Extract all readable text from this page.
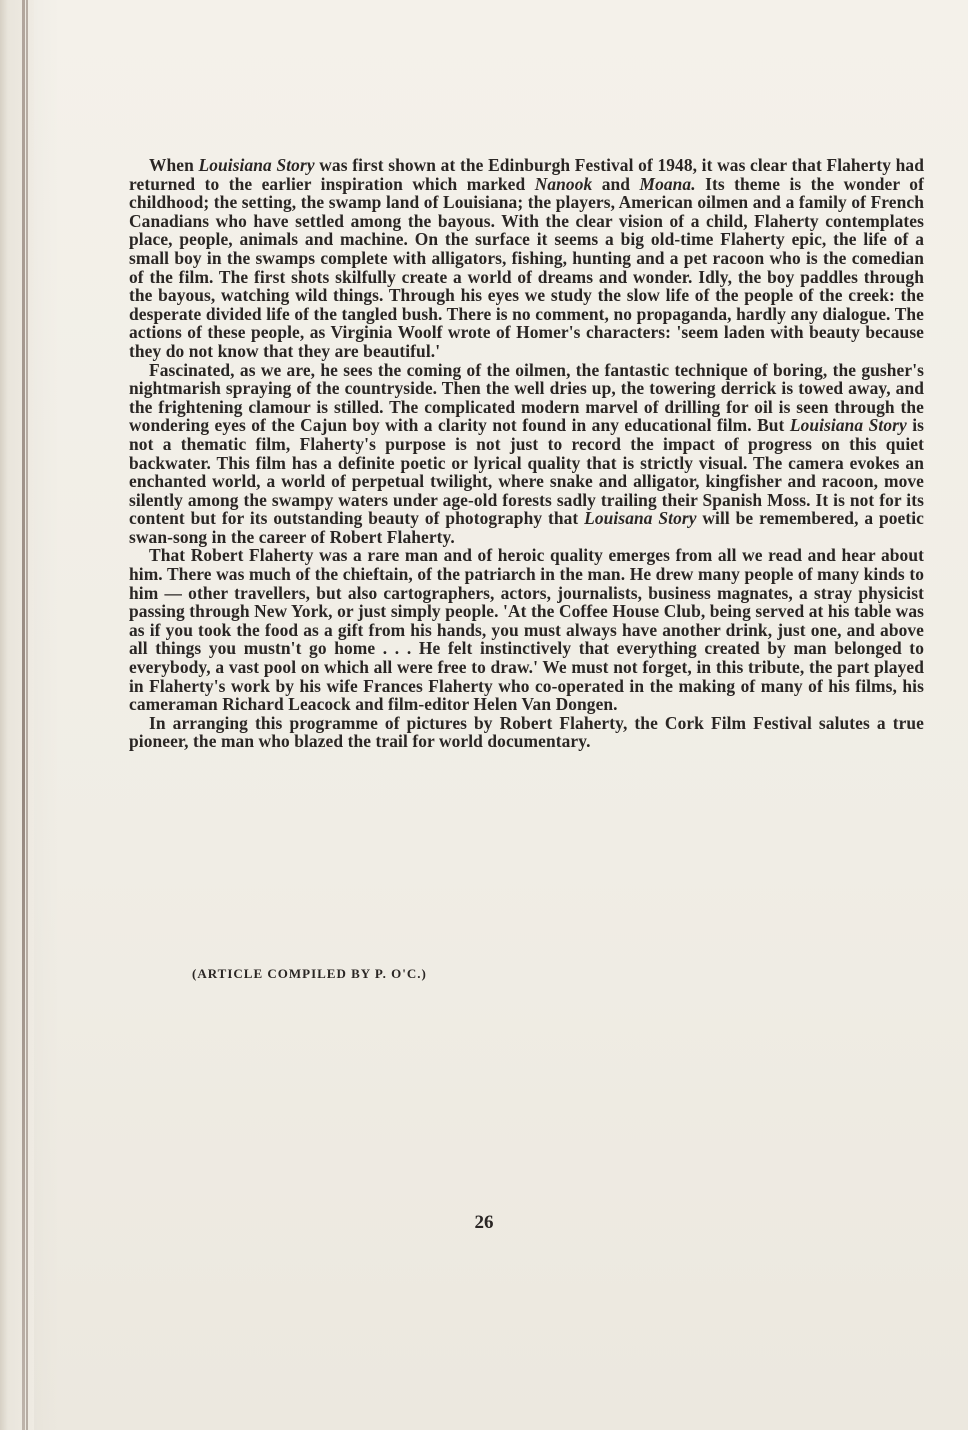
When Louisiana Story was first shown at the Edinburgh Festival of 1948, it was clear that Flaherty had returned to the earlier inspiration which marked Nanook and Moana. Its theme is the wonder of childhood; the setting, the swamp land of Louisiana; the players, American oilmen and a family of French Canadians who have settled among the bayous. With the clear vision of a child, Flaherty contemplates place, people, animals and machine. On the surface it seems a big old-time Flaherty epic, the life of a small boy in the swamps complete with alligators, fishing, hunting and a pet racoon who is the comedian of the film. The first shots skilfully create a world of dreams and wonder. Idly, the boy paddles through the bayous, watching wild things. Through his eyes we study the slow life of the people of the creek: the desperate divided life of the tangled bush. There is no comment, no propaganda, hardly any dialogue. The actions of these people, as Virginia Woolf wrote of Homer's characters: 'seem laden with beauty because they do not know that they are beautiful.'

Fascinated, as we are, he sees the coming of the oilmen, the fantastic technique of boring, the gusher's nightmarish spraying of the countryside. Then the well dries up, the towering derrick is towed away, and the frightening clamour is stilled. The complicated modern marvel of drilling for oil is seen through the wondering eyes of the Cajun boy with a clarity not found in any educational film. But Louisiana Story is not a thematic film, Flaherty's purpose is not just to record the impact of progress on this quiet backwater. This film has a definite poetic or lyrical quality that is strictly visual. The camera evokes an enchanted world, a world of perpetual twilight, where snake and alligator, kingfisher and racoon, move silently among the swampy waters under age-old forests sadly trailing their Spanish Moss. It is not for its content but for its outstanding beauty of photography that Louisana Story will be remembered, a poetic swan-song in the career of Robert Flaherty.

That Robert Flaherty was a rare man and of heroic quality emerges from all we read and hear about him. There was much of the chieftain, of the patriarch in the man. He drew many people of many kinds to him — other travellers, but also cartographers, actors, journalists, business magnates, a stray physicist passing through New York, or just simply people. 'At the Coffee House Club, being served at his table was as if you took the food as a gift from his hands, you must always have another drink, just one, and above all things you mustn't go home . . . He felt instinctively that everything created by man belonged to everybody, a vast pool on which all were free to draw.' We must not forget, in this tribute, the part played in Flaherty's work by his wife Frances Flaherty who co-operated in the making of many of his films, his cameraman Richard Leacock and film-editor Helen Van Dongen.

In arranging this programme of pictures by Robert Flaherty, the Cork Film Festival salutes a true pioneer, the man who blazed the trail for world documentary.

(ARTICLE COMPILED BY P. O'C.)
26
